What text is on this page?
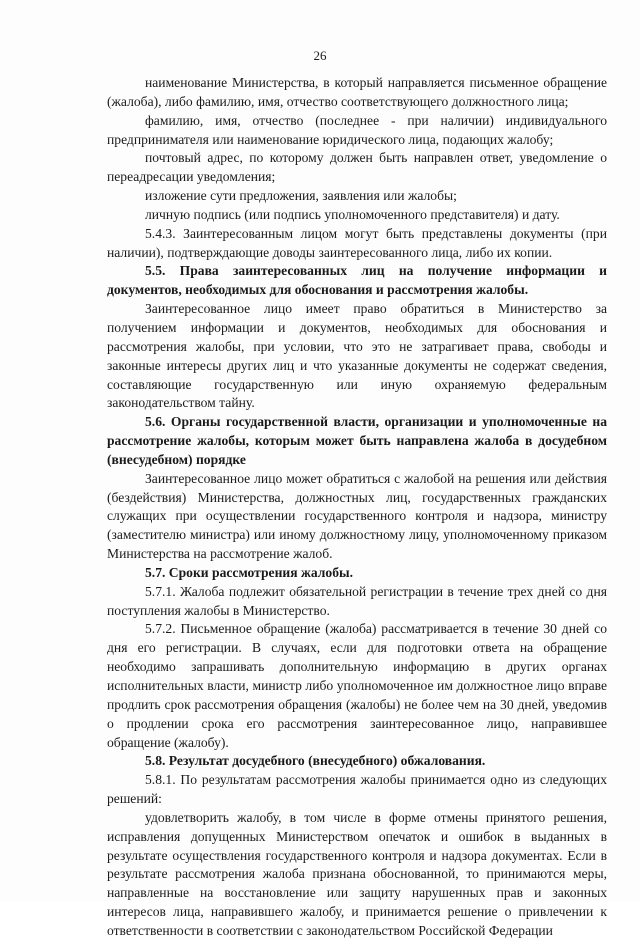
26

наименование Министерства, в который направляется письменное обращение (жалоба), либо фамилию, имя, отчество соответствующего должностного лица;

фамилию, имя, отчество (последнее - при наличии) индивидуального предпринимателя или наименование юридического лица, подающих жалобу;

почтовый адрес, по которому должен быть направлен ответ, уведомление о переадресации уведомления;

изложение сути предложения, заявления или жалобы;

личную подпись (или подпись уполномоченного представителя) и дату.

5.4.3. Заинтересованным лицом могут быть представлены документы (при наличии), подтверждающие доводы заинтересованного лица, либо их копии.

5.5. Права заинтересованных лиц на получение информации и документов, необходимых для обоснования и рассмотрения жалобы.

Заинтересованное лицо имеет право обратиться в Министерство за получением информации и документов, необходимых для обоснования и рассмотрения жалобы, при условии, что это не затрагивает права, свободы и законные интересы других лиц и что указанные документы не содержат сведения, составляющие государственную или иную охраняемую федеральным законодательством тайну.

5.6. Органы государственной власти, организации и уполномоченные на рассмотрение жалобы, которым может быть направлена жалоба в досудебном (внесудебном) порядке

Заинтересованное лицо может обратиться с жалобой на решения или действия (бездействия) Министерства, должностных лиц, государственных гражданских служащих при осуществлении государственного контроля и надзора, министру (заместителю министра) или иному должностному лицу, уполномоченному приказом Министерства на рассмотрение жалоб.

5.7. Сроки рассмотрения жалобы.

5.7.1. Жалоба подлежит обязательной регистрации в течение трех дней со дня поступления жалобы в Министерство.

5.7.2. Письменное обращение (жалоба) рассматривается в течение 30 дней со дня его регистрации. В случаях, если для подготовки ответа на обращение необходимо запрашивать дополнительную информацию в других органах исполнительных власти, министр либо уполномоченное им должностное лицо вправе продлить срок рассмотрения обращения (жалобы) не более чем на 30 дней, уведомив о продлении срока его рассмотрения заинтересованное лицо, направившее обращение (жалобу).

5.8. Результат досудебного (внесудебного) обжалования.

5.8.1. По результатам рассмотрения жалобы принимается одно из следующих решений:

удовлетворить жалобу, в том числе в форме отмены принятого решения, исправления допущенных Министерством опечаток и ошибок в выданных в результате осуществления государственного контроля и надзора документах. Если в результате рассмотрения жалоба признана обоснованной, то принимаются меры, направленные на восстановление или защиту нарушенных прав и законных интересов лица, направившего жалобу, и принимается решение о привлечении к ответственности в соответствии с законодательством Российской Федерации
